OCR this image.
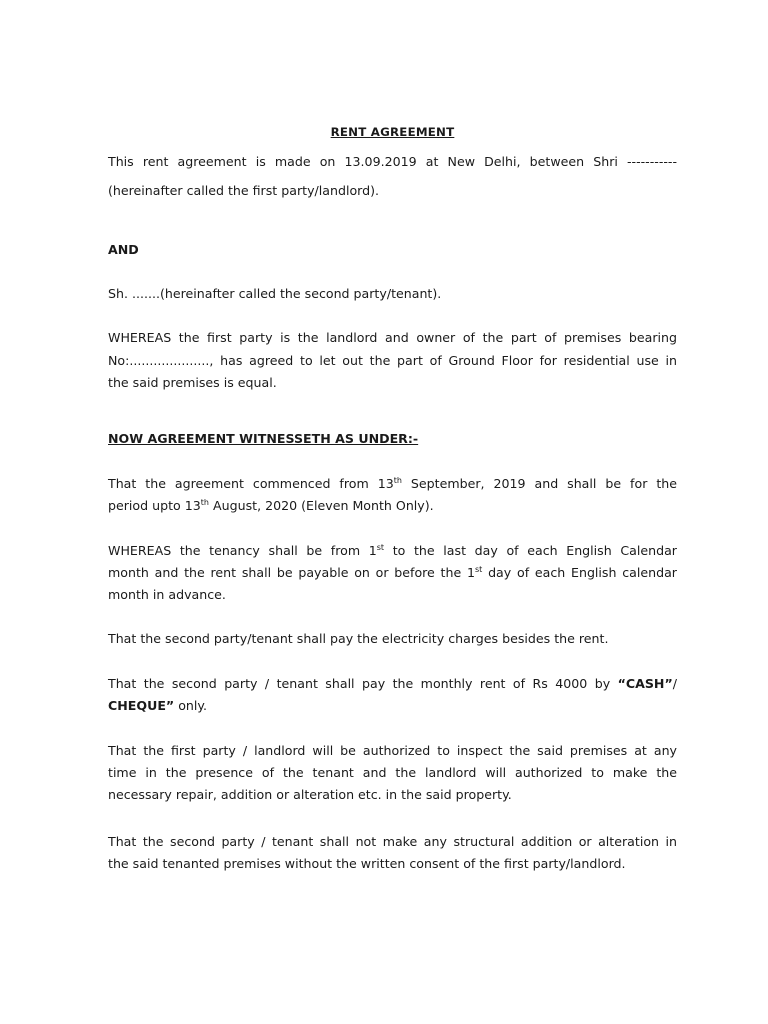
RENT AGREEMENT
This rent agreement is made on 13.09.2019 at New Delhi, between Shri -----------
(hereinafter called the first party/landlord).
AND
Sh. .......(hereinafter called the second party/tenant).
WHEREAS the first party is the landlord and owner of the part of premises bearing
No:...................., has agreed to let out the part of Ground Floor for residential use in
the said premises is equal.
NOW AGREEMENT WITNESSETH AS UNDER:-
That the agreement commenced from 13th September, 2019 and shall be for the
period upto 13th August, 2020 (Eleven Month Only).
WHEREAS the tenancy shall be from 1st to the last day of each English Calendar
month and the rent shall be payable on or before the 1st day of each English calendar
month in advance.
That the second party/tenant shall pay the electricity charges besides the rent.
That the second party / tenant shall pay the monthly rent of Rs 4000 by “CASH”/
CHEQUE” only.
That the first party / landlord will be authorized to inspect the said premises at any
time in the presence of the tenant and the landlord will authorized to make the
necessary repair, addition or alteration etc. in the said property.
That the second party / tenant shall not make any structural addition or alteration in
the said tenanted premises without the written consent of the first party/landlord.
